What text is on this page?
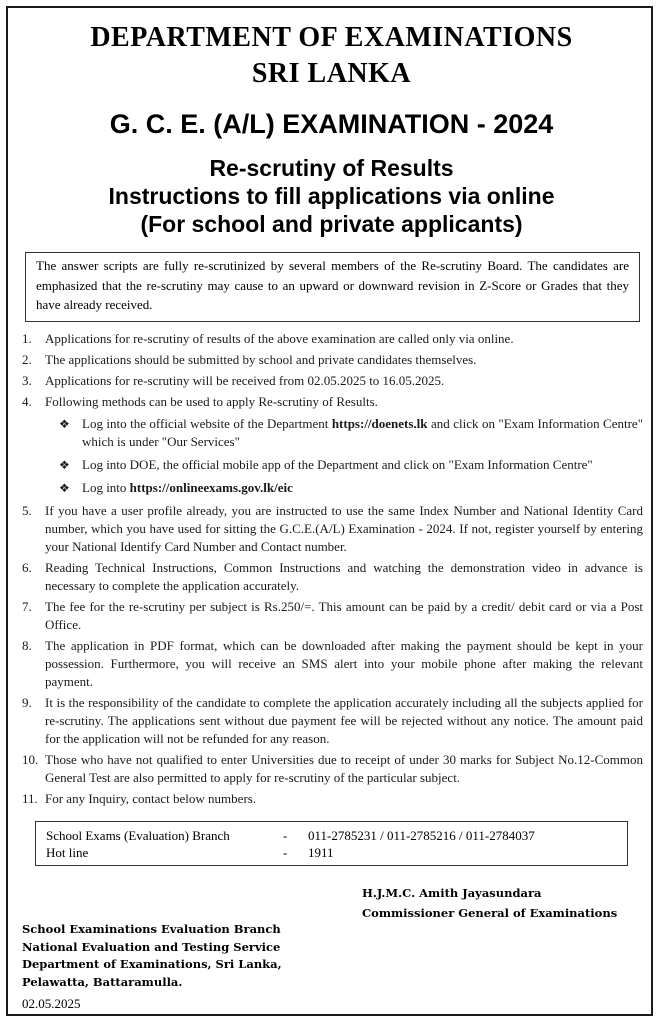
DEPARTMENT OF EXAMINATIONS
SRI LANKA
G. C. E. (A/L) EXAMINATION - 2024
Re-scrutiny of Results
Instructions to fill applications via online
(For school and private applicants)
The answer scripts are fully re-scrutinized by several members of the Re-scrutiny Board. The candidates are emphasized that the re-scrutiny may cause to an upward or downward revision in Z-Score or Grades that they have already received.
1. Applications for re-scrutiny of results of the above examination are called only via online.
2. The applications should be submitted by school and private candidates themselves.
3. Applications for re-scrutiny will be received from 02.05.2025 to 16.05.2025.
4. Following methods can be used to apply Re-scrutiny of Results.
❖ Log into the official website of the Department https://doenets.lk and click on "Exam Information Centre" which is under "Our Services"
❖ Log into DOE, the official mobile app of the Department and click on "Exam Information Centre"
❖ Log into https://onlineexams.gov.lk/eic
5. If you have a user profile already, you are instructed to use the same Index Number and National Identity Card number, which you have used for sitting the G.C.E.(A/L) Examination - 2024. If not, register yourself by entering your National Identify Card Number and Contact number.
6. Reading Technical Instructions, Common Instructions and watching the demonstration video in advance is necessary to complete the application accurately.
7. The fee for the re-scrutiny per subject is Rs.250/=. This amount can be paid by a credit/ debit card or via a Post Office.
8. The application in PDF format, which can be downloaded after making the payment should be kept in your possession. Furthermore, you will receive an SMS alert into your mobile phone after making the relevant payment.
9. It is the responsibility of the candidate to complete the application accurately including all the subjects applied for re-scrutiny. The applications sent without due payment fee will be rejected without any notice. The amount paid for the application will not be refunded for any reason.
10. Those who have not qualified to enter Universities due to receipt of under 30 marks for Subject No.12-Common General Test are also permitted to apply for re-scrutiny of the particular subject.
11. For any Inquiry, contact below numbers.
School Exams (Evaluation) Branch	- 011-2785231 / 011-2785216 / 011-2784037
Hot line	- 1911
H.J.M.C. Amith Jayasundara
Commissioner General of Examinations
School Examinations Evaluation Branch
National Evaluation and Testing Service
Department of Examinations, Sri Lanka,
Pelawatta, Battaramulla.
02.05.2025
